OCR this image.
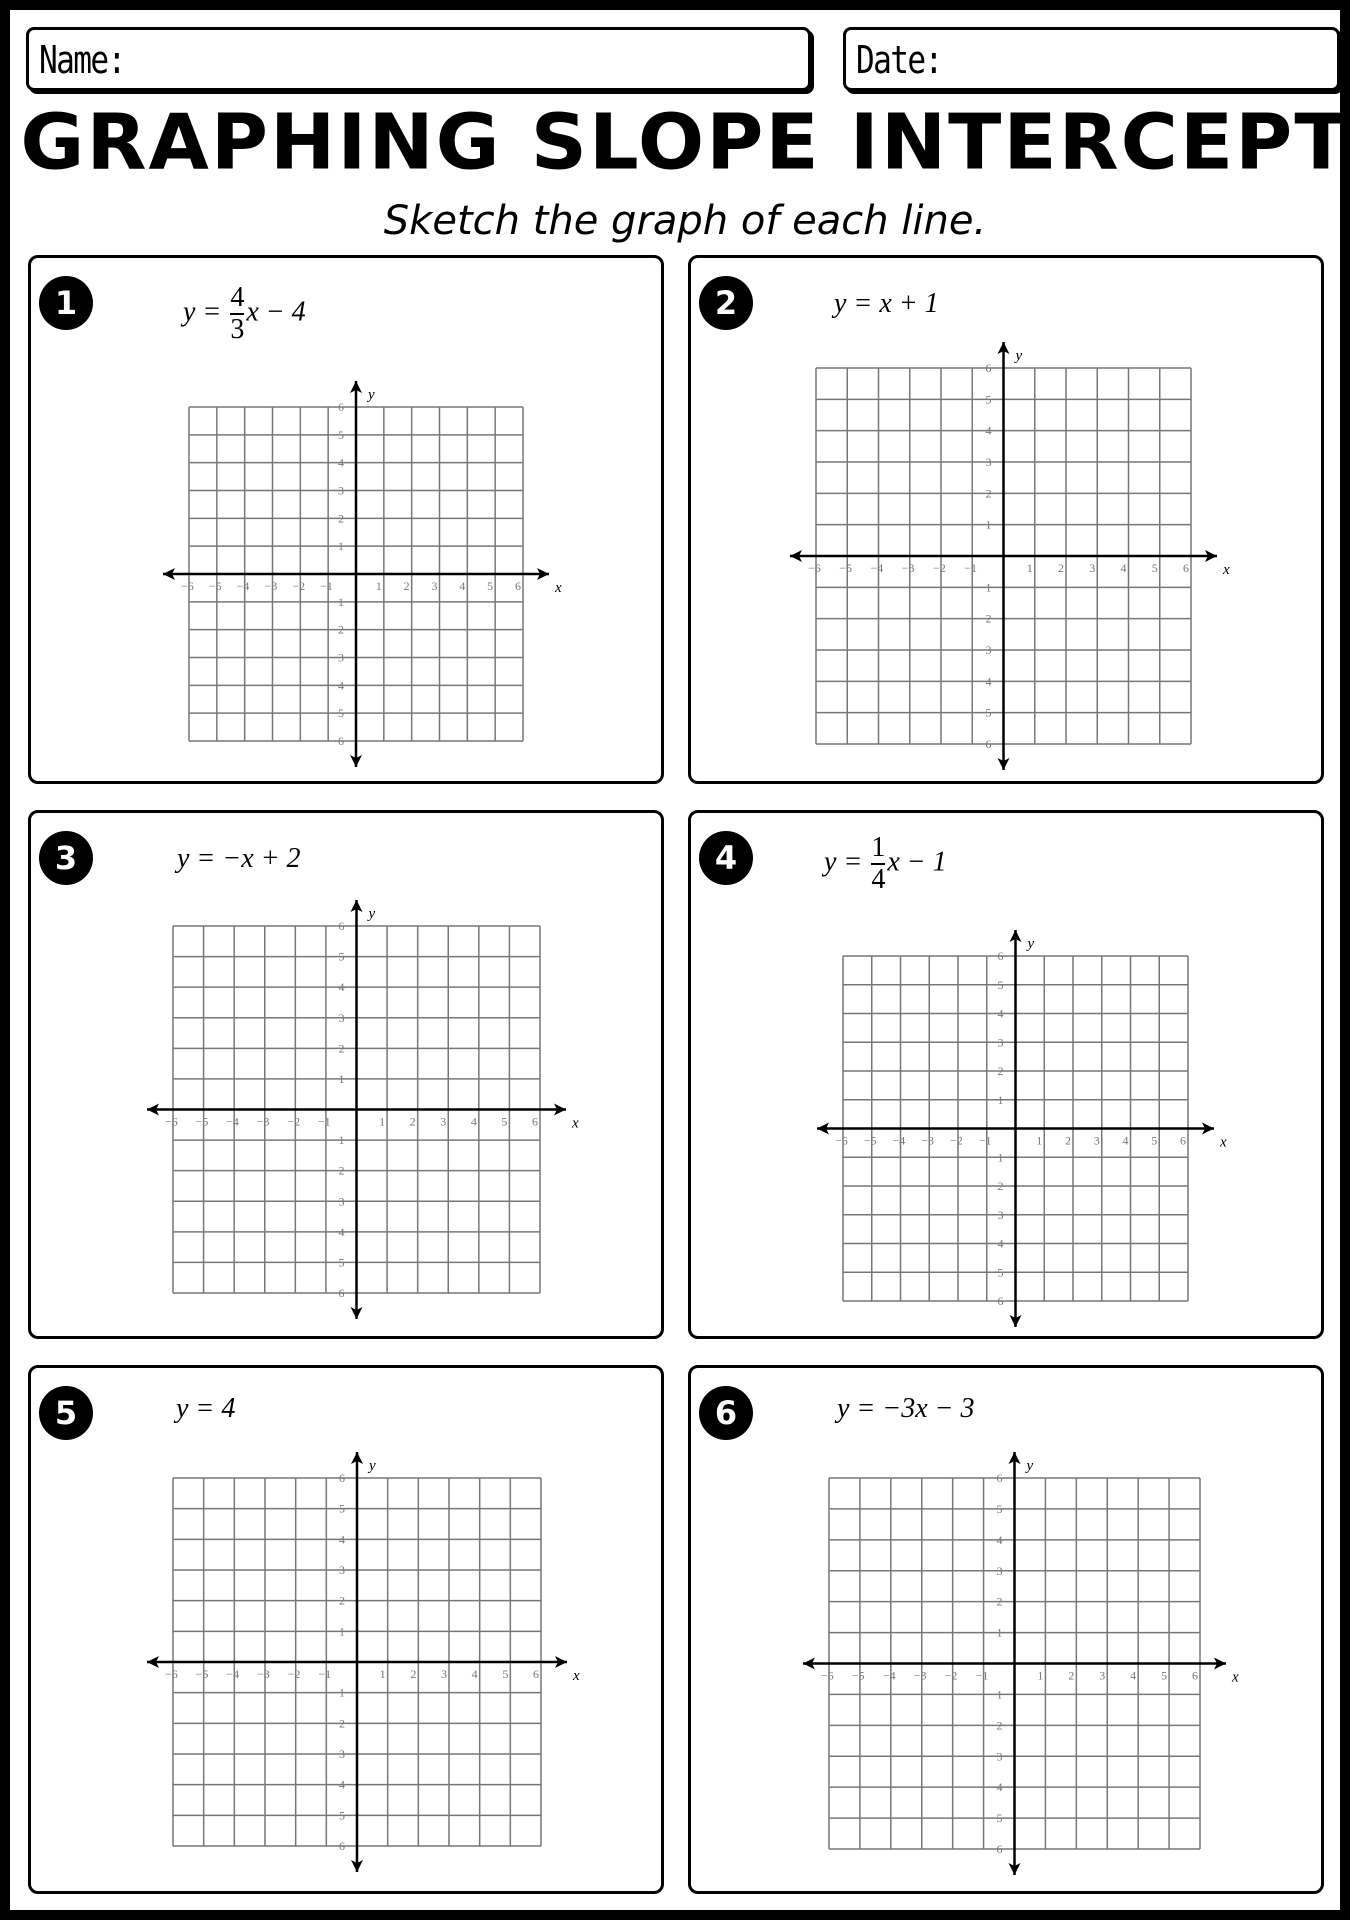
Name:	Date:
GRAPHING SLOPE INTERCEPT
Sketch the graph of each line.
1	$y = \frac{4}{3}$ x − 4
x
y
−6
−6
−5
−5
−4
−4
−3
−3
−2
−2
−1
−1
1
1
2
2
3
3
4
4
5
5
6
6
2	y = x + 1
x
y
−6
−6
−5
−5
−4
−4
−3
−3
−2
−2
−1
−1
1
1
2
2
3
3
4
4
5
5
6
6
3	y = −x + 2
x
y
−6
−6
−5
−5
−4
−4
−3
−3
−2
−2
−1
−1
1
1
2
2
3
3
4
4
5
5
6
6
4	$y = \frac{1}{4}$ x − 1
x
y
−6
−6
−5
−5
−4
−4
−3
−3
−2
−2
−1
−1
1
1
2
2
3
3
4
4
5
5
6
6
5	y = 4
x
y
−6
−6
−5
−5
−4
−4
−3
−3
−2
−2
−1
−1
1
1
2
2
3
3
4
4
5
5
6
6
6	y = −3x − 3
x
y
−6
−6
−5
−5
−4
−4
−3
−3
−2
−2
−1
−1
1
1
2
2
3
3
4
4
5
5
6
6
